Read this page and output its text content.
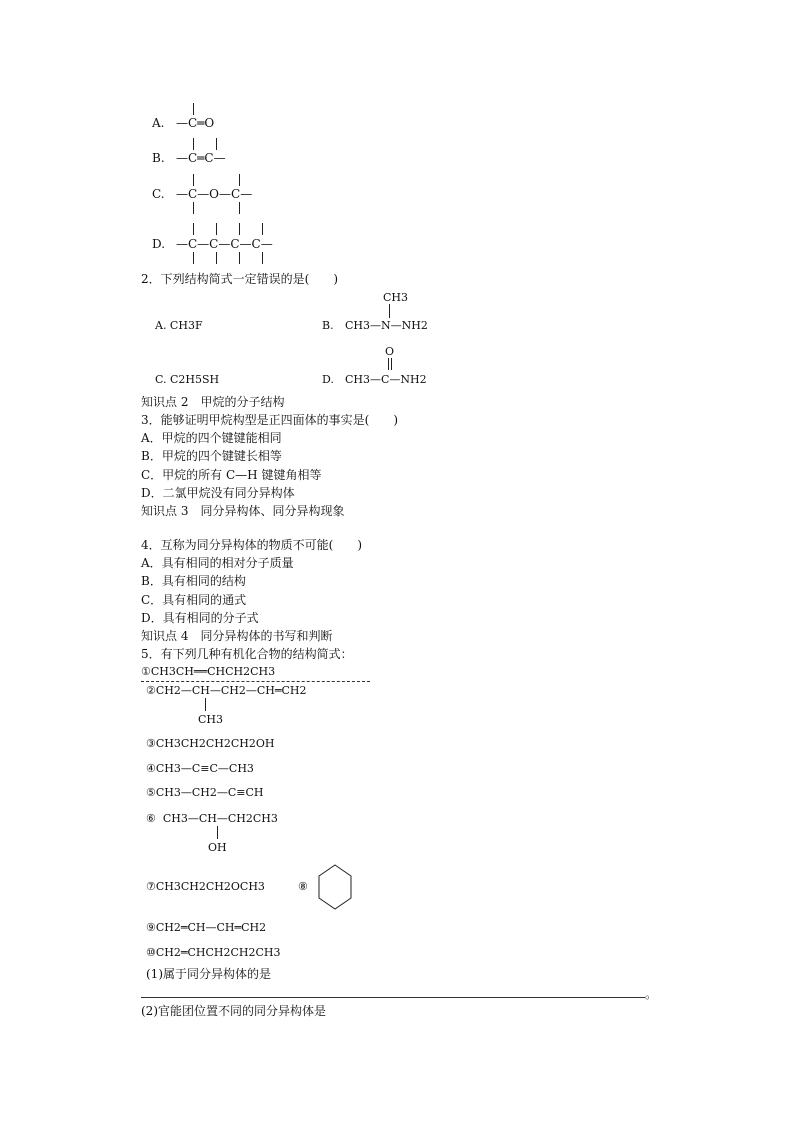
A. —C═O
B. —C═C—
C. —C—O—C—
D. —C—C—C—C—
2．下列结构简式一定错误的是(　　)
CH3
A. CH3F	B. CH3—N—NH2
O
C. C2H5SH	D. CH3—C—NH2
知识点 2　甲烷的分子结构
3．能够证明甲烷构型是正四面体的事实是(　　)
A．甲烷的四个键键能相同
B．甲烷的四个键键长相等
C．甲烷的所有 C—H 键键角相等
D．二氯甲烷没有同分异构体
知识点 3　同分异构体、同分异构现象
4．互称为同分异构体的物质不可能(　　)
A．具有相同的相对分子质量
B．具有相同的结构
C．具有相同的通式
D．具有相同的分子式
知识点 4　同分异构体的书写和判断
5．有下列几种有机化合物的结构简式：
①CH3CH══CHCH2CH3
②CH2—CH—CH2—CH═CH2
CH3
③CH3CH2CH2CH2OH
④CH3—C≡C—CH3
⑤CH3—CH2—C≡CH
⑥  CH3—CH—CH2CH3
OH
⑦CH3CH2CH2OCH3	⑧
⑨CH2═CH—CH═CH2
⑩CH2═CHCH2CH2CH3
(1)属于同分异构体的是
。
(2)官能团位置不同的同分异构体是
